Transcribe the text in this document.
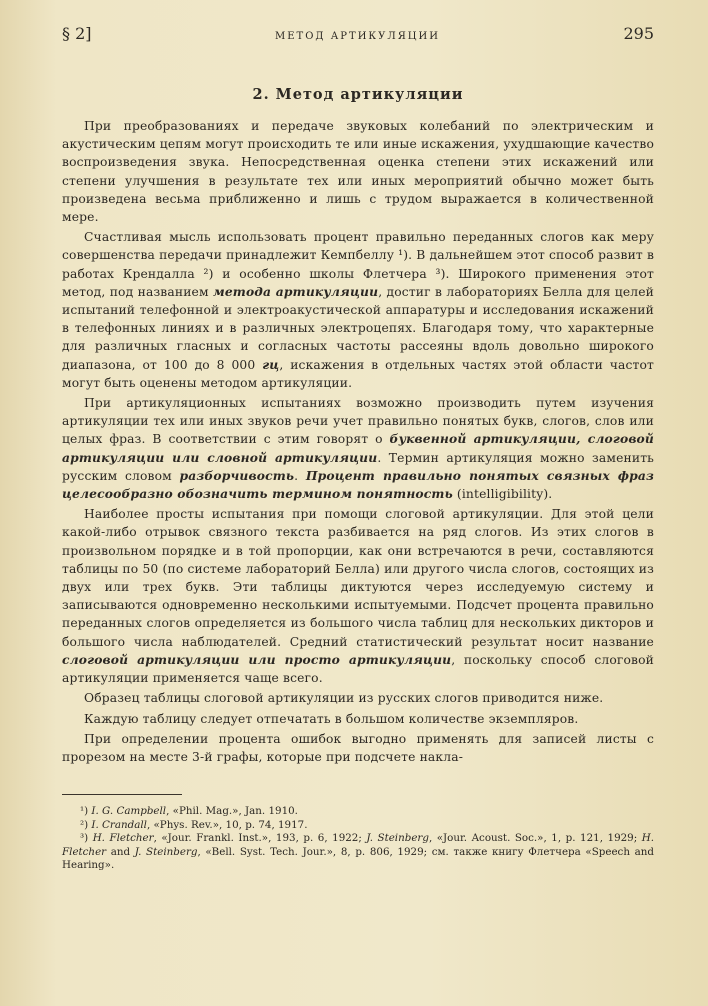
§ 2]	МЕТОД АРТИКУЛЯЦИИ	295
2. Метод артикуляции

При преобразованиях и передаче звуковых колебаний по электрическим и акустическим цепям могут происходить те или иные искажения, ухудшающие качество воспроизведения звука. Непосредственная оценка степени этих искажений или степени улучшения в результате тех или иных мероприятий обычно может быть произведена весьма приближенно и лишь с трудом выражается в количественной мере.

Счастливая мысль использовать процент правильно переданных слогов как меру совершенства передачи принадлежит Кемпбеллу ¹). В дальнейшем этот способ развит в работах Крендалла ²) и особенно школы Флетчера ³). Широкого применения этот метод, под названием метода артикуляции, достиг в лабораториях Белла для целей испытаний телефонной и электроакустической аппаратуры и исследования искажений в телефонных линиях и в различных электроцепях. Благодаря тому, что характерные для различных гласных и согласных частоты рассеяны вдоль довольно широкого диапазона, от 100 до 8 000 гц, искажения в отдельных частях этой области частот могут быть оценены методом артикуляции.

При артикуляционных испытаниях возможно производить путем изучения артикуляции тех или иных звуков речи учет правильно понятых букв, слогов, слов или целых фраз. В соответствии с этим говорят о буквенной артикуляции, слоговой артикуляции или словной артикуляции. Термин артикуляция можно заменить русским словом разборчивость. Процент правильно понятых связных фраз целесообразно обозначить термином понятность (intelligibility).

Наиболее просты испытания при помощи слоговой артикуляции. Для этой цели какой-либо отрывок связного текста разбивается на ряд слогов. Из этих слогов в произвольном порядке и в той пропорции, как они встречаются в речи, составляются таблицы по 50 (по системе лабораторий Белла) или другого числа слогов, состоящих из двух или трех букв. Эти таблицы диктуются через исследуемую систему и записываются одновременно несколькими испытуемыми. Подсчет процента правильно переданных слогов определяется из большого числа таблиц для нескольких дикторов и большого числа наблюдателей. Средний статистический результат носит название слоговой артикуляции или просто артикуляции, поскольку способ слоговой артикуляции применяется чаще всего.

Образец таблицы слоговой артикуляции из русских слогов приводится ниже.

Каждую таблицу следует отпечатать в большом количестве экземпляров.

При определении процента ошибок выгодно применять для записей листы с прорезом на месте 3-й графы, которые при подсчете накла-

¹) I. G. Campbell, «Phil. Mag.», Jan. 1910.

²) I. Crandall, «Phys. Rev.», 10, p. 74, 1917.

³) H. Fletcher, «Jour. Frankl. Inst.», 193, p. 6, 1922; J. Steinberg, «Jour. Acoust. Soc.», 1, p. 121, 1929; H. Fletcher and J. Steinberg, «Bell. Syst. Tech. Jour.», 8, p. 806, 1929; см. также книгу Флетчера «Speech and Hearing».
